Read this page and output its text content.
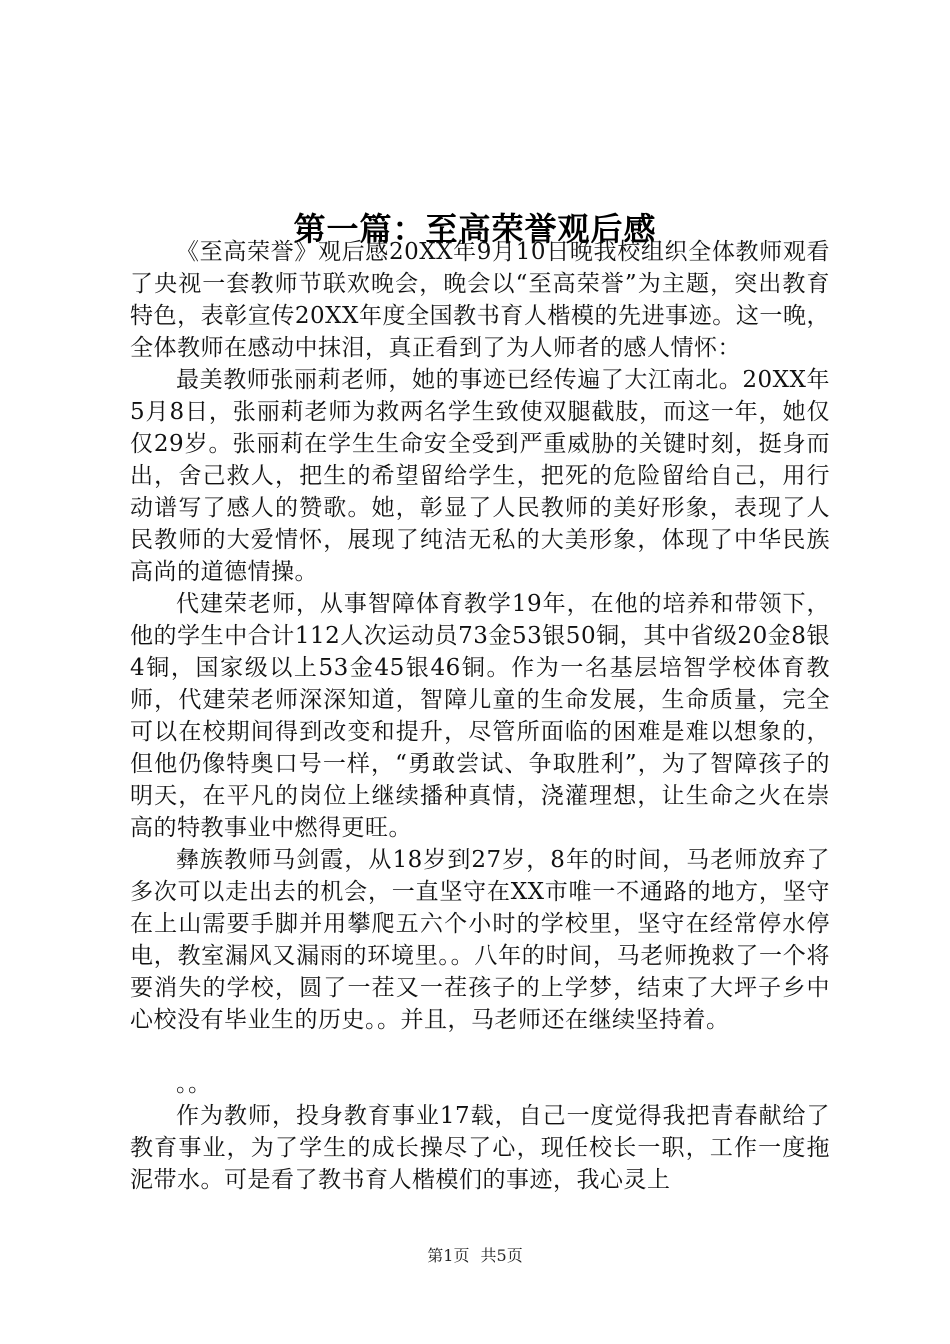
第一篇：至高荣誉观后感

《至高荣誉》观后感20XX年9月10日晚我校组织全体教师观看了央视一套教师节联欢晚会，晚会以“至高荣誉”为主题，突出教育特色，表彰宣传20XX年度全国教书育人楷模的先进事迹。这一晚，全体教师在感动中抹泪，真正看到了为人师者的感人情怀：

最美教师张丽莉老师，她的事迹已经传遍了大江南北。20XX年5月8日，张丽莉老师为救两名学生致使双腿截肢，而这一年，她仅仅29岁。张丽莉在学生生命安全受到严重威胁的关键时刻，挺身而出，舍己救人，把生的希望留给学生，把死的危险留给自己，用行动谱写了感人的赞歌。她，彰显了人民教师的美好形象，表现了人民教师的大爱情怀，展现了纯洁无私的大美形象，体现了中华民族高尚的道德情操。

代建荣老师，从事智障体育教学19年，在他的培养和带领下，他的学生中合计112人次运动员73金53银50铜，其中省级20金8银4铜，国家级以上53金45银46铜。作为一名基层培智学校体育教师，代建荣老师深深知道，智障儿童的生命发展，生命质量，完全可以在校期间得到改变和提升，尽管所面临的困难是难以想象的，但他仍像特奥口号一样，“勇敢尝试、争取胜利”，为了智障孩子的明天，在平凡的岗位上继续播种真情，浇灌理想，让生命之火在崇高的特教事业中燃得更旺。

彝族教师马剑霞，从18岁到27岁，8年的时间，马老师放弃了多次可以走出去的机会，一直坚守在XX市唯一不通路的地方，坚守在上山需要手脚并用攀爬五六个小时的学校里，坚守在经常停水停电，教室漏风又漏雨的环境里。。八年的时间，马老师挽救了一个将要消失的学校，圆了一茬又一茬孩子的上学梦，结束了大坪子乡中心校没有毕业生的历史。。并且，马老师还在继续坚持着。

。。

作为教师，投身教育事业17载，自己一度觉得我把青春献给了教育事业，为了学生的成长操尽了心，现任校长一职，工作一度拖泥带水。可是看了教书育人楷模们的事迹，我心灵上

第1页 共5页
